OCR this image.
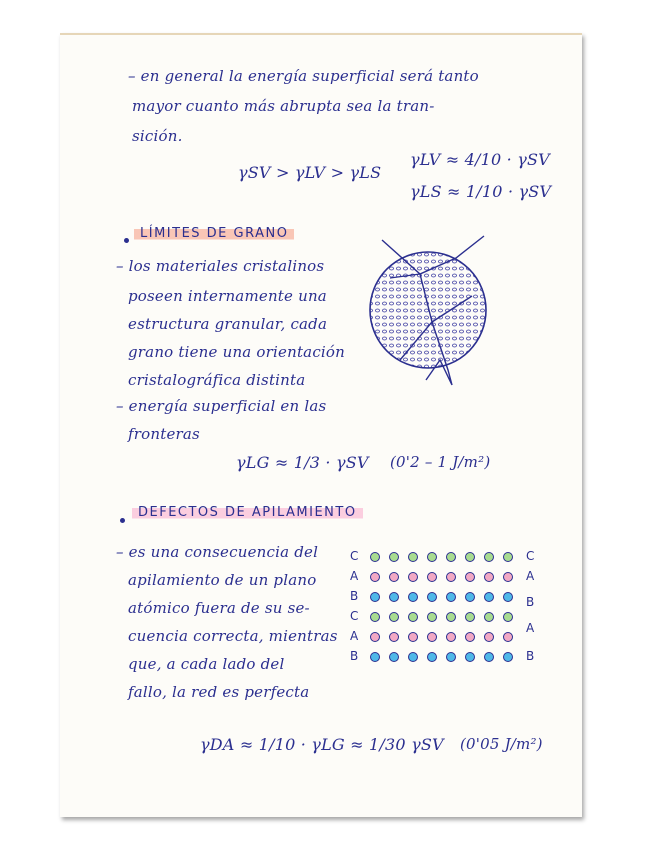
– en general la energía superficial será tanto
mayor cuanto más abrupta sea la tran-
sición.
γSV > γLV > γLS
γLV ≈ 4/10 · γSV
γLS ≈ 1/10 · γSV
LÍMITES DE GRANO
– los materiales cristalinos
poseen internamente una
estructura granular, cada
grano tiene una orientación
cristalográfica distinta
– energía superficial en las
fronteras
γLG ≈ 1/3 · γSV (0'2 – 1 J/m²)
DEFECTOS DE APILAMIENTO
– es una consecuencia del
apilamiento de un plano
atómico fuera de su se-
cuencia correcta, mientras
que, a cada lado del
fallo, la red es perfecta
C
A
B
C
A
B
C
A
B
A
B
γDA ≈ 1/10 · γLG ≈ 1/30 γSV (0'05 J/m²)
